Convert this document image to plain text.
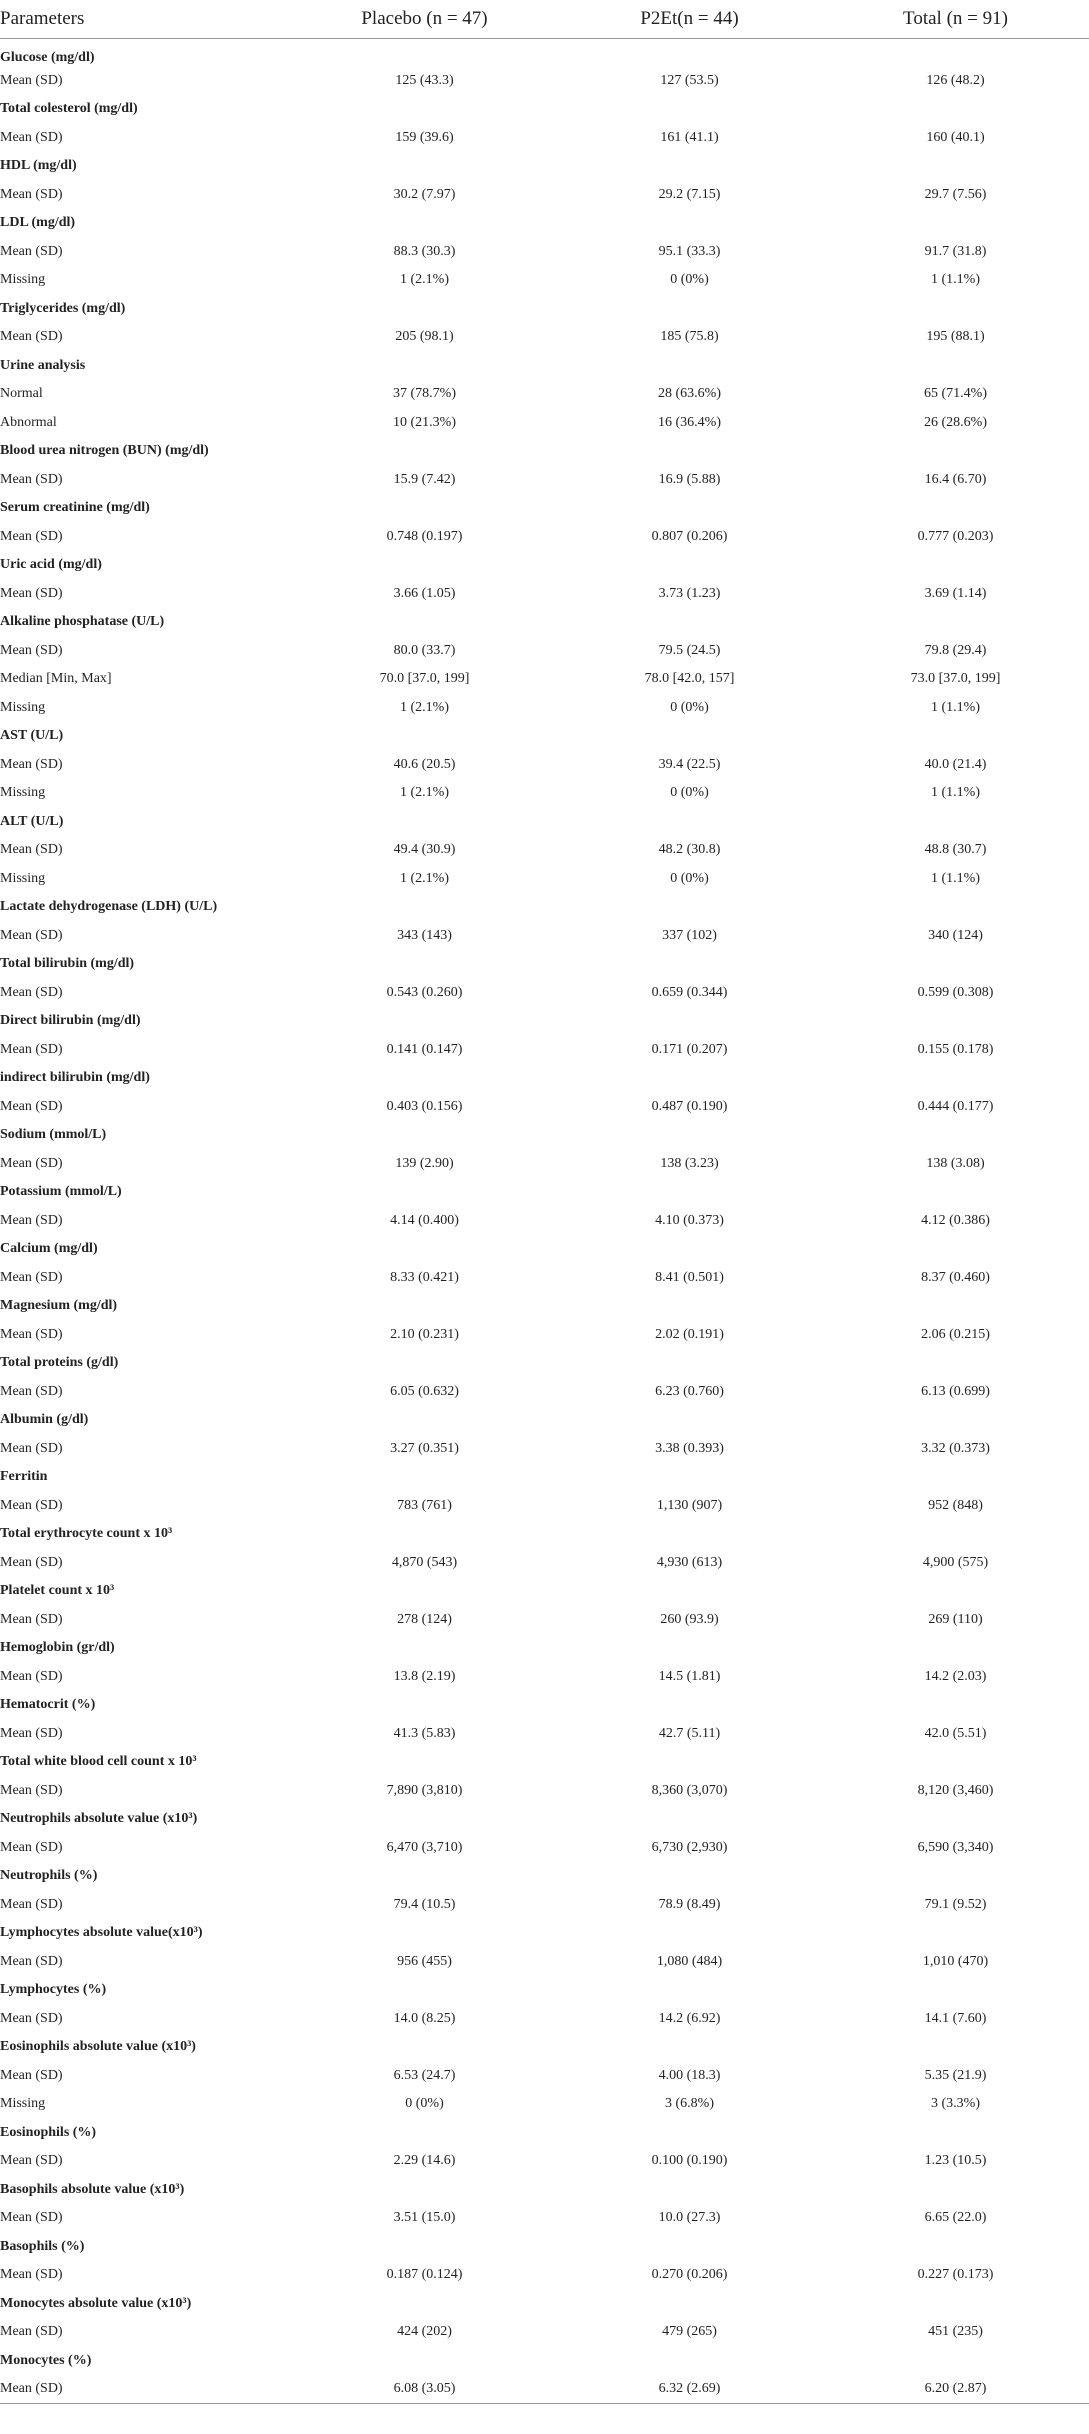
Parameters	Placebo (n = 47)	P2Et(n = 44)	Total (n = 91)
Glucose (mg/dl)			
Mean (SD)	125 (43.3)	127 (53.5)	126 (48.2)
Total colesterol (mg/dl)			
Mean (SD)	159 (39.6)	161 (41.1)	160 (40.1)
HDL (mg/dl)			
Mean (SD)	30.2 (7.97)	29.2 (7.15)	29.7 (7.56)
LDL (mg/dl)			
Mean (SD)	88.3 (30.3)	95.1 (33.3)	91.7 (31.8)
Missing	1 (2.1%)	0 (0%)	1 (1.1%)
Triglycerides (mg/dl)			
Mean (SD)	205 (98.1)	185 (75.8)	195 (88.1)
Urine analysis			
Normal	37 (78.7%)	28 (63.6%)	65 (71.4%)
Abnormal	10 (21.3%)	16 (36.4%)	26 (28.6%)
Blood urea nitrogen (BUN) (mg/dl)			
Mean (SD)	15.9 (7.42)	16.9 (5.88)	16.4 (6.70)
Serum creatinine (mg/dl)			
Mean (SD)	0.748 (0.197)	0.807 (0.206)	0.777 (0.203)
Uric acid (mg/dl)			
Mean (SD)	3.66 (1.05)	3.73 (1.23)	3.69 (1.14)
Alkaline phosphatase (U/L)			
Mean (SD)	80.0 (33.7)	79.5 (24.5)	79.8 (29.4)
Median [Min, Max]	70.0 [37.0, 199]	78.0 [42.0, 157]	73.0 [37.0, 199]
Missing	1 (2.1%)	0 (0%)	1 (1.1%)
AST (U/L)			
Mean (SD)	40.6 (20.5)	39.4 (22.5)	40.0 (21.4)
Missing	1 (2.1%)	0 (0%)	1 (1.1%)
ALT (U/L)			
Mean (SD)	49.4 (30.9)	48.2 (30.8)	48.8 (30.7)
Missing	1 (2.1%)	0 (0%)	1 (1.1%)
Lactate dehydrogenase (LDH) (U/L)			
Mean (SD)	343 (143)	337 (102)	340 (124)
Total bilirubin (mg/dl)			
Mean (SD)	0.543 (0.260)	0.659 (0.344)	0.599 (0.308)
Direct bilirubin (mg/dl)			
Mean (SD)	0.141 (0.147)	0.171 (0.207)	0.155 (0.178)
indirect bilirubin (mg/dl)			
Mean (SD)	0.403 (0.156)	0.487 (0.190)	0.444 (0.177)
Sodium (mmol/L)			
Mean (SD)	139 (2.90)	138 (3.23)	138 (3.08)
Potassium (mmol/L)			
Mean (SD)	4.14 (0.400)	4.10 (0.373)	4.12 (0.386)
Calcium (mg/dl)			
Mean (SD)	8.33 (0.421)	8.41 (0.501)	8.37 (0.460)
Magnesium (mg/dl)			
Mean (SD)	2.10 (0.231)	2.02 (0.191)	2.06 (0.215)
Total proteins (g/dl)			
Mean (SD)	6.05 (0.632)	6.23 (0.760)	6.13 (0.699)
Albumin (g/dl)			
Mean (SD)	3.27 (0.351)	3.38 (0.393)	3.32 (0.373)
Ferritin			
Mean (SD)	783 (761)	1,130 (907)	952 (848)
Total erythrocyte count x 10³			
Mean (SD)	4,870 (543)	4,930 (613)	4,900 (575)
Platelet count x 10³			
Mean (SD)	278 (124)	260 (93.9)	269 (110)
Hemoglobin (gr/dl)			
Mean (SD)	13.8 (2.19)	14.5 (1.81)	14.2 (2.03)
Hematocrit (%)			
Mean (SD)	41.3 (5.83)	42.7 (5.11)	42.0 (5.51)
Total white blood cell count x 10³			
Mean (SD)	7,890 (3,810)	8,360 (3,070)	8,120 (3,460)
Neutrophils absolute value (x10³)			
Mean (SD)	6,470 (3,710)	6,730 (2,930)	6,590 (3,340)
Neutrophils (%)			
Mean (SD)	79.4 (10.5)	78.9 (8.49)	79.1 (9.52)
Lymphocytes absolute value(x10³)			
Mean (SD)	956 (455)	1,080 (484)	1,010 (470)
Lymphocytes (%)			
Mean (SD)	14.0 (8.25)	14.2 (6.92)	14.1 (7.60)
Eosinophils absolute value (x10³)			
Mean (SD)	6.53 (24.7)	4.00 (18.3)	5.35 (21.9)
Missing	0 (0%)	3 (6.8%)	3 (3.3%)
Eosinophils (%)			
Mean (SD)	2.29 (14.6)	0.100 (0.190)	1.23 (10.5)
Basophils absolute value (x10³)			
Mean (SD)	3.51 (15.0)	10.0 (27.3)	6.65 (22.0)
Basophils (%)			
Mean (SD)	0.187 (0.124)	0.270 (0.206)	0.227 (0.173)
Monocytes absolute value (x10³)			
Mean (SD)	424 (202)	479 (265)	451 (235)
Monocytes (%)			
Mean (SD)	6.08 (3.05)	6.32 (2.69)	6.20 (2.87)
